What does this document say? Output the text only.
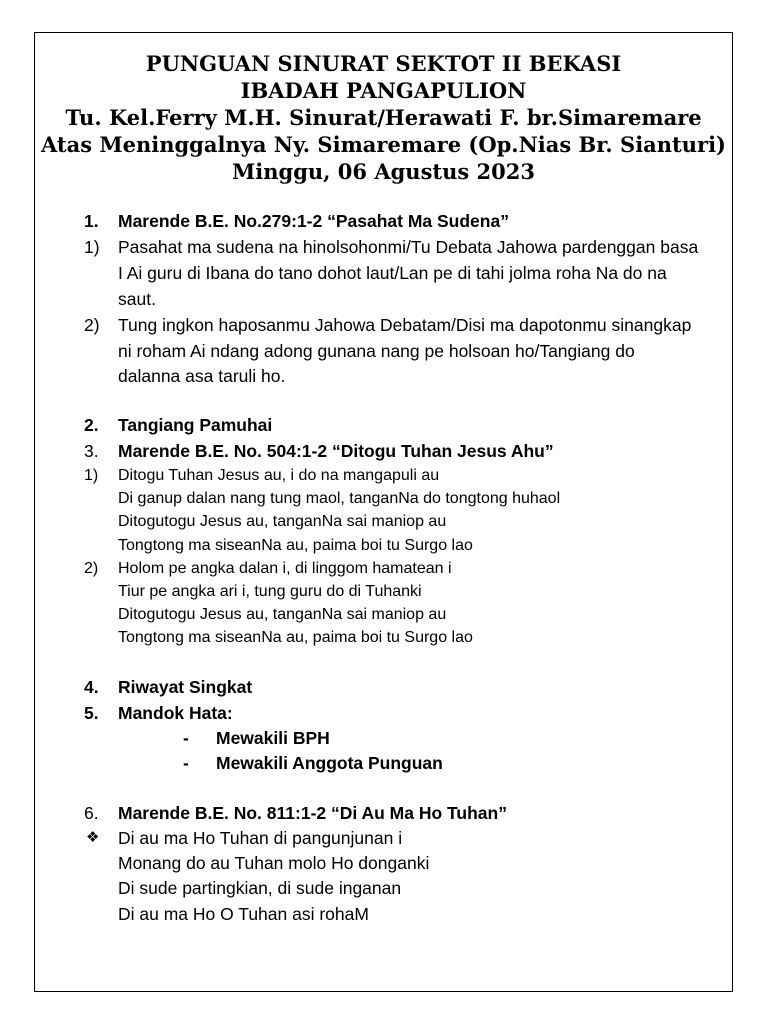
PUNGUAN SINURAT SEKTOT II BEKASI

IBADAH PANGAPULION

Tu. Kel.Ferry M.H. Sinurat/Herawati F. br.Simaremare

Atas Meninggalnya Ny. Simaremare (Op.Nias Br. Sianturi)

Minggu, 06 Agustus 2023

1. Marende B.E. No.279:1-2 “Pasahat Ma Sudena”
1) Pasahat ma sudena na hinolsohonmi/Tu Debata Jahowa pardenggan basa
I Ai guru di Ibana do tano dohot laut/Lan pe di tahi jolma roha Na do na
saut.
2) Tung ingkon haposanmu Jahowa Debatam/Disi ma dapotonmu sinangkap
ni roham Ai ndang adong gunana nang pe holsoan ho/Tangiang do
dalanna asa taruli ho.
2. Tangiang Pamuhai
3. Marende B.E. No. 504:1-2 “Ditogu Tuhan Jesus Ahu”
1) Ditogu Tuhan Jesus au, i do na mangapuli au
Di ganup dalan nang tung maol, tanganNa do tongtong huhaol
Ditogutogu Jesus au, tanganNa sai maniop au
Tongtong ma siseanNa au, paima boi tu Surgo lao
2) Holom pe angka dalan i, di linggom hamatean i
Tiur pe angka ari i, tung guru do di Tuhanki
Ditogutogu Jesus au, tanganNa sai maniop au
Tongtong ma siseanNa au, paima boi tu Surgo lao
4. Riwayat Singkat
5. Mandok Hata:
- Mewakili BPH
- Mewakili Anggota Punguan
6. Marende B.E. No. 811:1-2 “Di Au Ma Ho Tuhan”
❖ Di au ma Ho Tuhan di pangunjunan i
Monang do au Tuhan molo Ho donganki
Di sude partingkian, di sude inganan
Di au ma Ho O Tuhan asi rohaM
